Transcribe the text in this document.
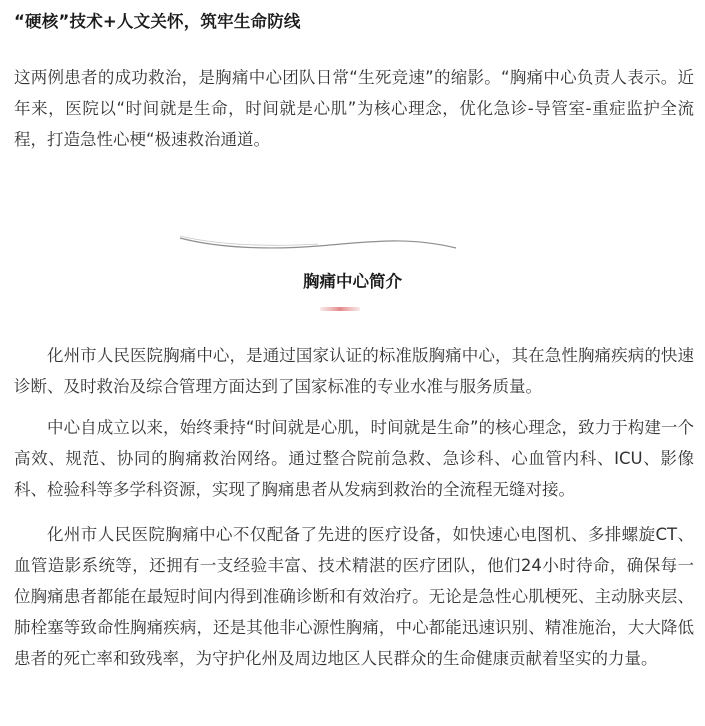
“硬核”技术+人文关怀，筑牢生命防线

这两例患者的成功救治，是胸痛中心团队日常“生死竞速”的缩影。“胸痛中心负责人表示。近年来，医院以“时间就是生命，时间就是心肌”为核心理念，优化急诊-导管室-重症监护全流程，打造急性心梗“极速救治通道。

胸痛中心简介

化州市人民医院胸痛中心，是通过国家认证的标准版胸痛中心，其在急性胸痛疾病的快速诊断、及时救治及综合管理方面达到了国家标准的专业水准与服务质量。

中心自成立以来，始终秉持“时间就是心肌，时间就是生命”的核心理念，致力于构建一个高效、规范、协同的胸痛救治网络。通过整合院前急救、急诊科、心血管内科、ICU、影像科、检验科等多学科资源，实现了胸痛患者从发病到救治的全流程无缝对接。

化州市人民医院胸痛中心不仅配备了先进的医疗设备，如快速心电图机、多排螺旋CT、血管造影系统等，还拥有一支经验丰富、技术精湛的医疗团队，他们24小时待命，确保每一位胸痛患者都能在最短时间内得到准确诊断和有效治疗。无论是急性心肌梗死、主动脉夹层、肺栓塞等致命性胸痛疾病，还是其他非心源性胸痛，中心都能迅速识别、精准施治，大大降低患者的死亡率和致残率，为守护化州及周边地区人民群众的生命健康贡献着坚实的力量。
